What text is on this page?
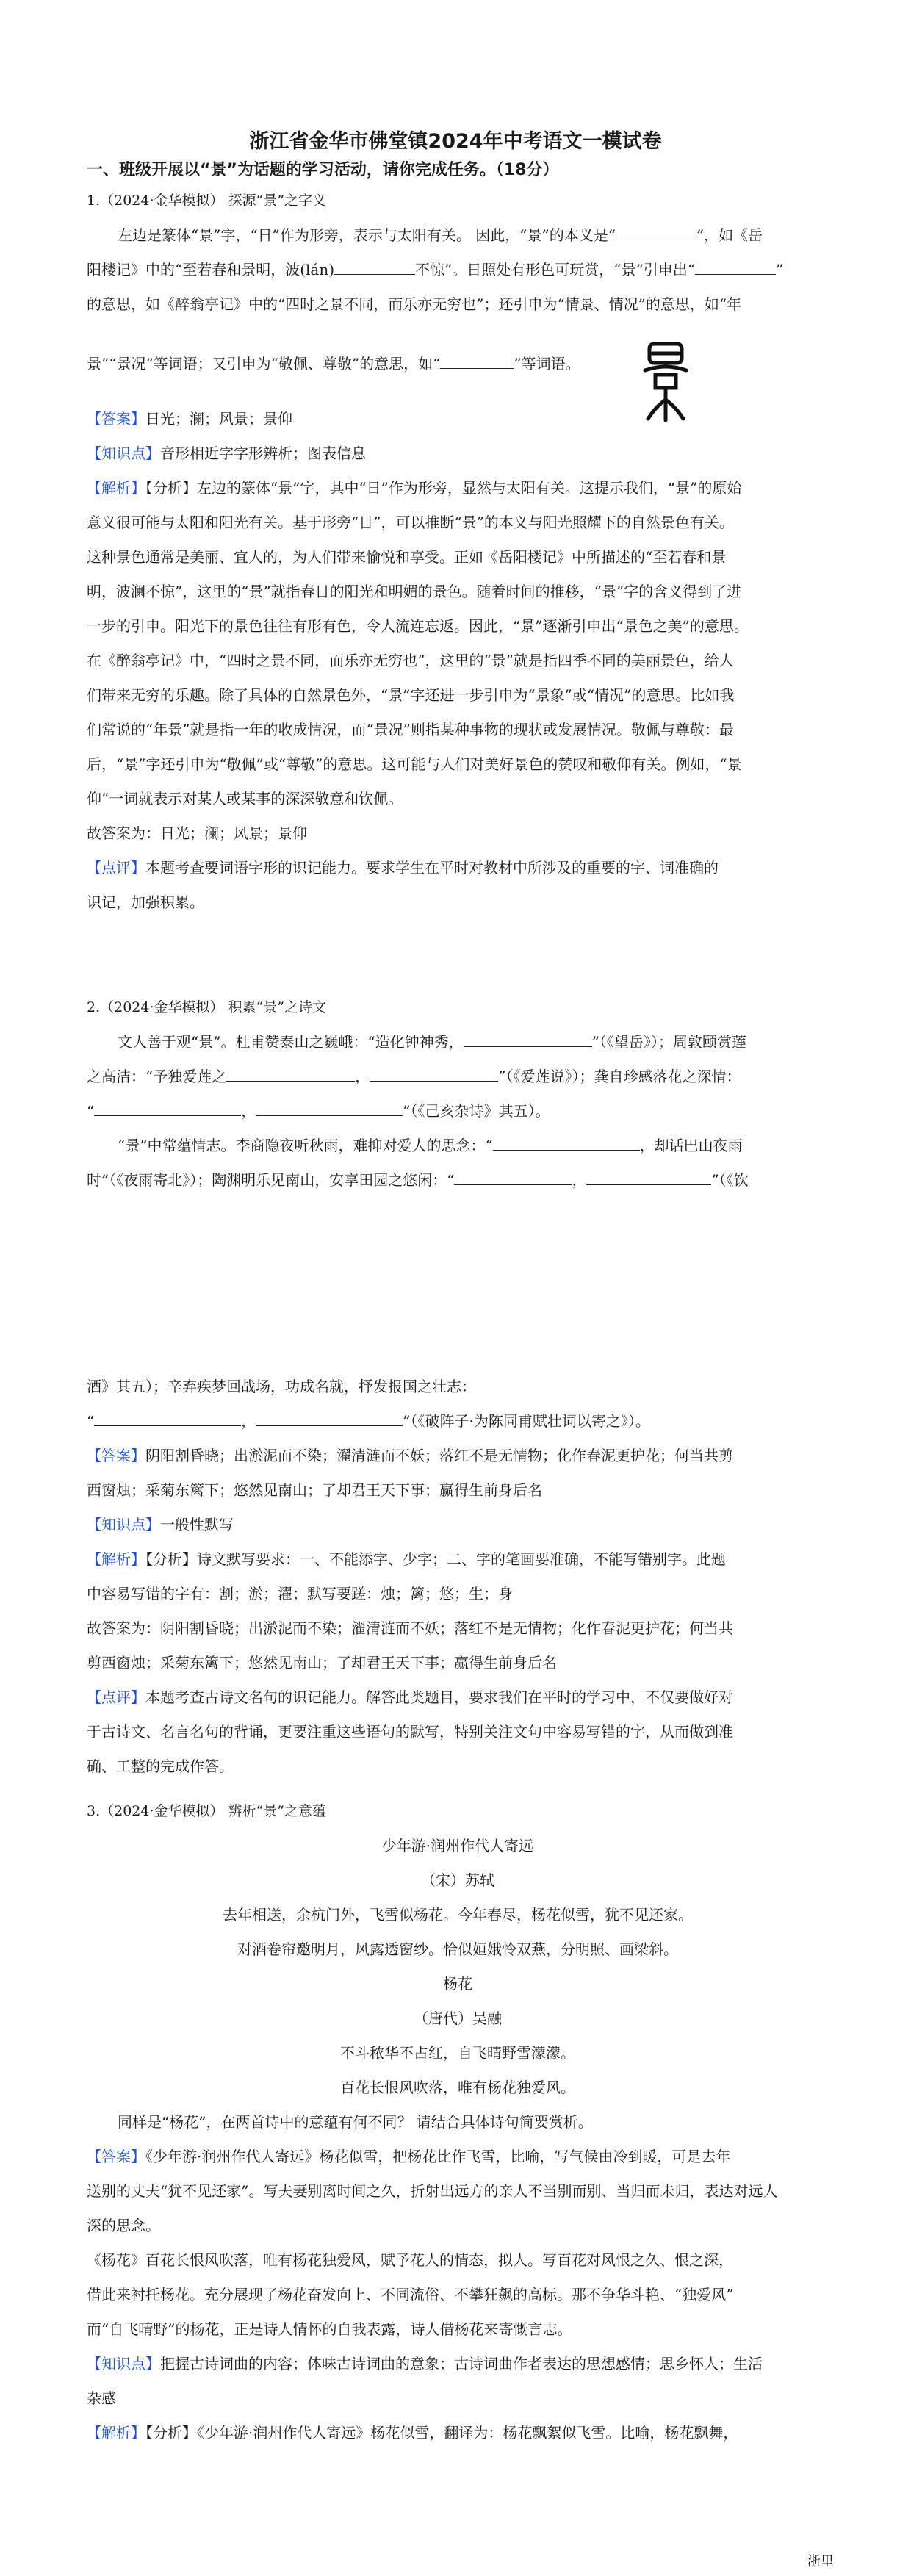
浙江省金华市佛堂镇2024年中考语文一模试卷
一、班级开展以“景”为话题的学习活动，请你完成任务。（18分）

1.（2024·金华模拟） 探源“景”之字义

左边是篆体“景”字，“日”作为形旁，表示与太阳有关。 因此，“景”的本义是“	”，如《岳

阳楼记》中的“至若春和景明，波(lán)	不惊”。日照处有形色可玩赏，“景”引申出“	”

的意思，如《醉翁亭记》中的“四时之景不同，而乐亦无穷也”；还引申为“情景、情况”的意思，如“年

景”“景况”等词语；又引申为“敬佩、尊敬”的意思，如“	”等词语。

【答案】日光；澜；风景；景仰

【知识点】音形相近字字形辨析；图表信息

【解析】【分析】左边的篆体“景”字，其中“日”作为形旁，显然与太阳有关。这提示我们，“景”的原始

意义很可能与太阳和阳光有关。基于形旁“日”，可以推断“景”的本义与阳光照耀下的自然景色有关。

这种景色通常是美丽、宜人的，为人们带来愉悦和享受。正如《岳阳楼记》中所描述的“至若春和景

明，波澜不惊”，这里的“景”就指春日的阳光和明媚的景色。随着时间的推移，“景”字的含义得到了进

一步的引申。阳光下的景色往往有形有色，令人流连忘返。因此，“景”逐渐引申出“景色之美”的意思。

在《醉翁亭记》中，“四时之景不同，而乐亦无穷也”，这里的“景”就是指四季不同的美丽景色，给人

们带来无穷的乐趣。除了具体的自然景色外，“景”字还进一步引申为“景象”或“情况”的意思。比如我

们常说的“年景”就是指一年的收成情况，而“景况”则指某种事物的现状或发展情况。敬佩与尊敬：最

后，“景”字还引申为“敬佩”或“尊敬”的意思。这可能与人们对美好景色的赞叹和敬仰有关。例如，“景

仰”一词就表示对某人或某事的深深敬意和钦佩。

故答案为：日光；澜；风景；景仰

【点评】本题考查要词语字形的识记能力。要求学生在平时对教材中所涉及的重要的字、词准确的

识记，加强积累。

2.（2024·金华模拟） 积累“景”之诗文

文人善于观“景”。杜甫赞泰山之巍峨：“造化钟神秀，	”（《望岳》）；周敦颐赏莲

之高洁：“予独爱莲之	，	”（《爱莲说》）；龚自珍感落花之深情：

“	，	”（《己亥杂诗》其五）。

“景”中常蕴情志。李商隐夜听秋雨，难抑对爱人的思念：“	，却话巴山夜雨

时”（《夜雨寄北》）；陶渊明乐见南山，安享田园之悠闲：“	，	”（《饮

酒》其五）；辛弃疾梦回战场，功成名就，抒发报国之壮志：

“	，	”（《破阵子·为陈同甫赋壮词以寄之》）。

【答案】阴阳割昏晓；出淤泥而不染；濯清涟而不妖；落红不是无情物；化作春泥更护花；何当共剪

西窗烛；采菊东篱下；悠然见南山；了却君王天下事；赢得生前身后名

【知识点】一般性默写

【解析】【分析】诗文默写要求：一、不能添字、少字；二、字的笔画要准确，不能写错别字。此题

中容易写错的字有：割；淤；濯；默写要蹉：烛；篱；悠；生；身

故答案为：阴阳割昏晓；出淤泥而不染；濯清涟而不妖；落红不是无情物；化作春泥更护花；何当共

剪西窗烛；采菊东篱下；悠然见南山；了却君王天下事；赢得生前身后名

【点评】本题考查古诗文名句的识记能力。解答此类题目，要求我们在平时的学习中，不仅要做好对

于古诗文、名言名句的背诵，更要注重这些语句的默写，特别关注文句中容易写错的字，从而做到准

确、工整的完成作答。

3.（2024·金华模拟） 辨析“景”之意蕴

少年游·润州作代人寄远

（宋）苏轼

去年相送，余杭门外，飞雪似杨花。今年春尽，杨花似雪，犹不见还家。

对酒卷帘邀明月，风露透窗纱。恰似姮娥怜双燕，分明照、画梁斜。

杨花

（唐代）吴融

不斗秾华不占红，自飞晴野雪濛濛。

百花长恨风吹落，唯有杨花独爱风。

同样是“杨花”，在两首诗中的意蕴有何不同？ 请结合具体诗句简要赏析。

【答案】《少年游·润州作代人寄远》杨花似雪，把杨花比作飞雪，比喻，写气候由冷到暖，可是去年

送别的丈夫“犹不见还家”。写夫妻别离时间之久，折射出远方的亲人不当别而别、当归而未归，表达对远人

深的思念。

《杨花》百花长恨风吹落，唯有杨花独爱风，赋予花人的情态，拟人。写百花对风恨之久、恨之深，

借此来衬托杨花。充分展现了杨花奋发向上、不同流俗、不攀狂飙的高标。那不争华斗艳、“独爱风”

而“自飞晴野”的杨花，正是诗人情怀的自我表露，诗人借杨花来寄慨言志。

【知识点】把握古诗词曲的内容；体味古诗词曲的意象；古诗词曲作者表达的思想感情；思乡怀人；生活

杂感

【解析】【分析】《少年游·润州作代人寄远》杨花似雪，翻译为：杨花飘絮似飞雪。比喻，杨花飘舞，

浙里
